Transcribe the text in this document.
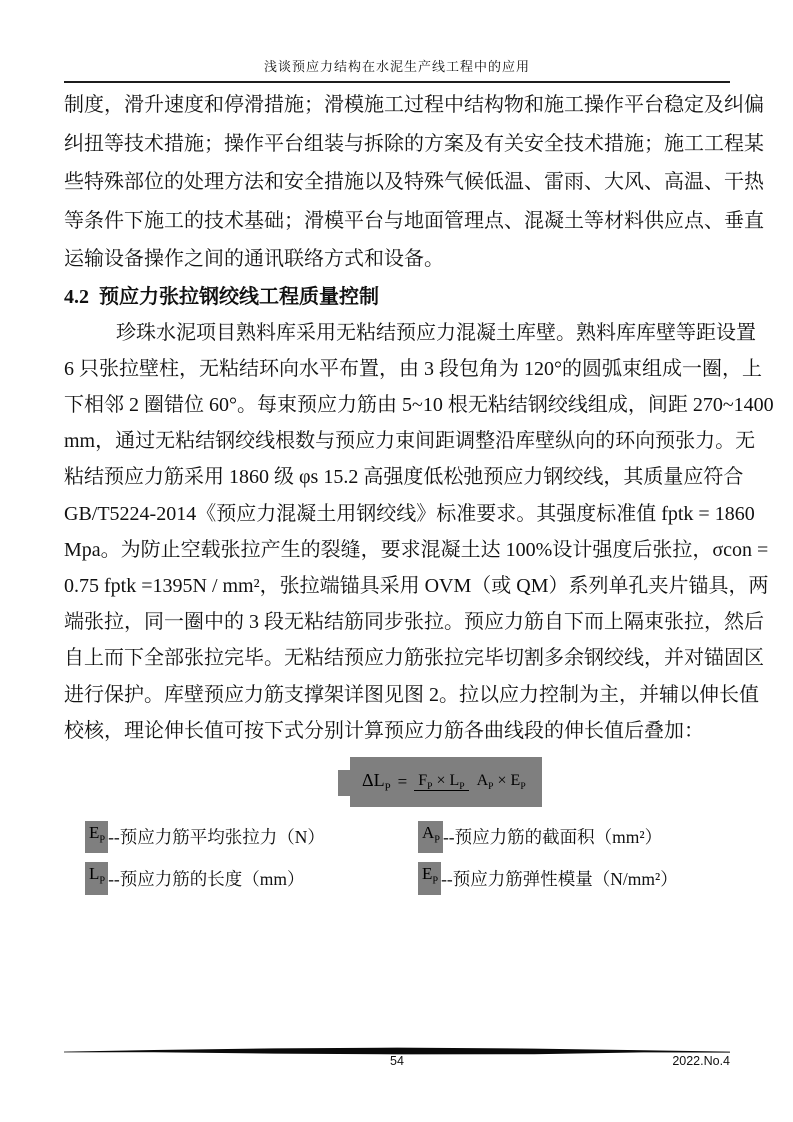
浅谈预应力结构在水泥生产线工程中的应用
制度，滑升速度和停滑措施；滑模施工过程中结构物和施工操作平台稳定及纠偏
纠扭等技术措施；操作平台组装与拆除的方案及有关安全技术措施；施工工程某
些特殊部位的处理方法和安全措施以及特殊气候低温、雷雨、大风、高温、干热
等条件下施工的技术基础；滑模平台与地面管理点、混凝土等材料供应点、垂直
运输设备操作之间的通讯联络方式和设备。
4.2 预应力张拉钢绞线工程质量控制
珍珠水泥项目熟料库采用无粘结预应力混凝土库壁。熟料库库壁等距设置
6 只张拉壁柱，无粘结环向水平布置，由 3 段包角为 120°的圆弧束组成一圈，上
下相邻 2 圈错位 60°。每束预应力筋由 5~10 根无粘结钢绞线组成，间距 270~1400
mm，通过无粘结钢绞线根数与预应力束间距调整沿库壁纵向的环向预张力。无
粘结预应力筋采用 1860 级 φs 15.2 高强度低松弛预应力钢绞线，其质量应符合
GB/T5224-2014《预应力混凝土用钢绞线》标准要求。其强度标准值 fptk = 1860
Mpa。为防止空载张拉产生的裂缝，要求混凝土达 100%设计强度后张拉，σcon =
0.75 fptk =1395N / mm²，张拉端锚具采用 OVM（或 QM）系列单孔夹片锚具，两
端张拉，同一圈中的 3 段无粘结筋同步张拉。预应力筋自下而上隔束张拉，然后
自上而下全部张拉完毕。无粘结预应力筋张拉完毕切割多余钢绞线，并对锚固区
进行保护。库壁预应力筋支撑架详图见图 2。拉以应力控制为主，并辅以伸长值
校核，理论伸长值可按下式分别计算预应力筋各曲线段的伸长值后叠加：
$\Delta L_P = F_P \times L_P$ $A_P \times E_P$
$E_P$ --预应力筋平均张拉力（N）	$A_P$ --预应力筋的截面积（mm²）
$L_P$ --预应力筋的长度（mm）	$E_P$ --预应力筋弹性模量（N/mm²）
54	2022.No.4
